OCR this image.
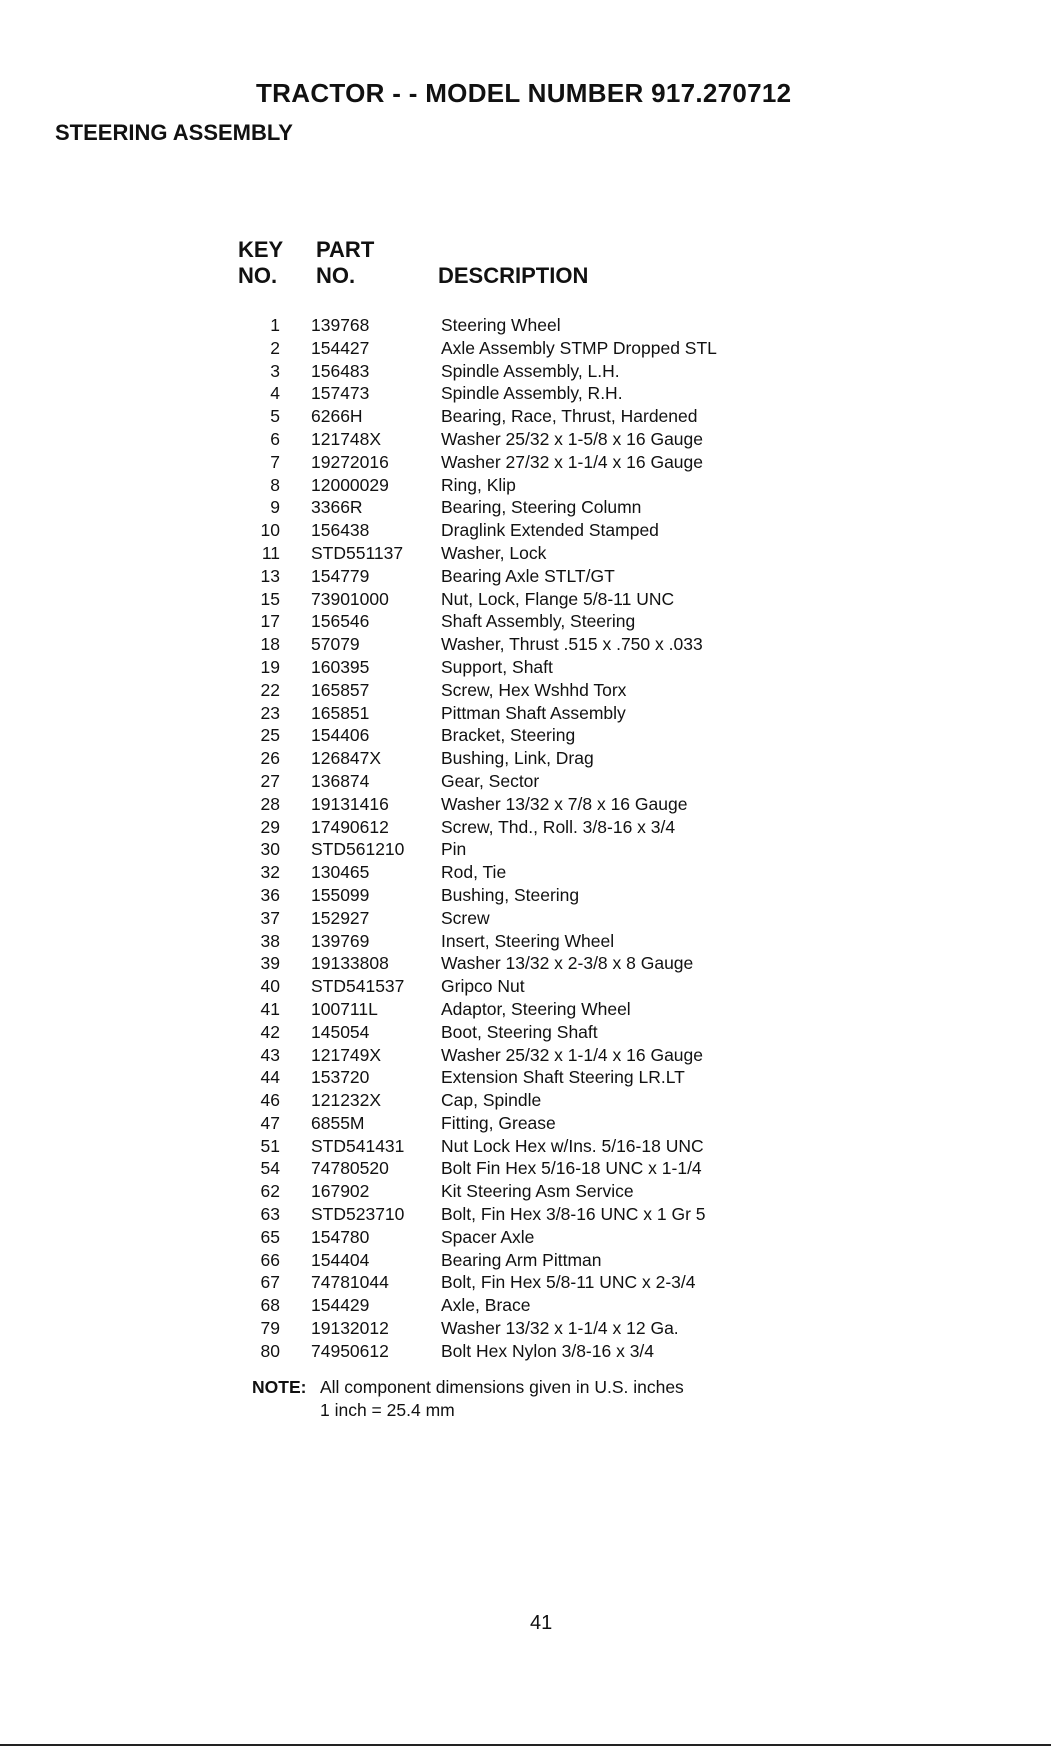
TRACTOR - - MODEL NUMBER 917.270712
STEERING ASSEMBLY
KEY
NO.
PART
NO.	DESCRIPTION
1 139768	Steering Wheel
2 154427	Axle Assembly STMP Dropped STL
3 156483	Spindle Assembly, L.H.
4 157473	Spindle Assembly, R.H.
5 6266H	Bearing, Race, Thrust, Hardened
6 121748X	Washer 25/32 x 1-5/8 x 16 Gauge
7 19272016	Washer 27/32 x 1-1/4 x 16 Gauge
8 12000029	Ring, Klip
9 3366R	Bearing, Steering Column
10 156438	Draglink Extended Stamped
11 STD551137 Washer, Lock
13 154779	Bearing Axle STLT/GT
15 73901000	Nut, Lock, Flange 5/8-11 UNC
17 156546	Shaft Assembly, Steering
18 57079	Washer, Thrust .515 x .750 x .033
19 160395	Support, Shaft
22 165857	Screw, Hex Wshhd Torx
23 165851	Pittman Shaft Assembly
25 154406	Bracket, Steering
26 126847X	Bushing, Link, Drag
27 136874	Gear, Sector
28 19131416	Washer 13/32 x 7/8 x 16 Gauge
29 17490612	Screw, Thd., Roll. 3/8-16 x 3/4
30 STD561210 Pin
32 130465	Rod, Tie
36 155099	Bushing, Steering
37 152927	Screw
38 139769	Insert, Steering Wheel
39 19133808	Washer 13/32 x 2-3/8 x 8 Gauge
40 STD541537 Gripco Nut
41 100711L	Adaptor, Steering Wheel
42 145054	Boot, Steering Shaft
43 121749X	Washer 25/32 x 1-1/4 x 16 Gauge
44 153720	Extension Shaft Steering LR.LT
46 121232X	Cap, Spindle
47 6855M	Fitting, Grease
51 STD541431 Nut Lock Hex w/Ins. 5/16-18 UNC
54 74780520	Bolt Fin Hex 5/16-18 UNC x 1-1/4
62 167902	Kit Steering Asm Service
63 STD523710 Bolt, Fin Hex 3/8-16 UNC x 1 Gr 5
65 154780	Spacer Axle
66 154404	Bearing Arm Pittman
67 74781044	Bolt, Fin Hex 5/8-11 UNC x 2-3/4
68 154429	Axle, Brace
79 19132012	Washer 13/32 x 1-1/4 x 12 Ga.
80 74950612	Bolt Hex Nylon 3/8-16 x 3/4
NOTE: All component dimensions given in U.S. inches
1 inch = 25.4 mm
41
